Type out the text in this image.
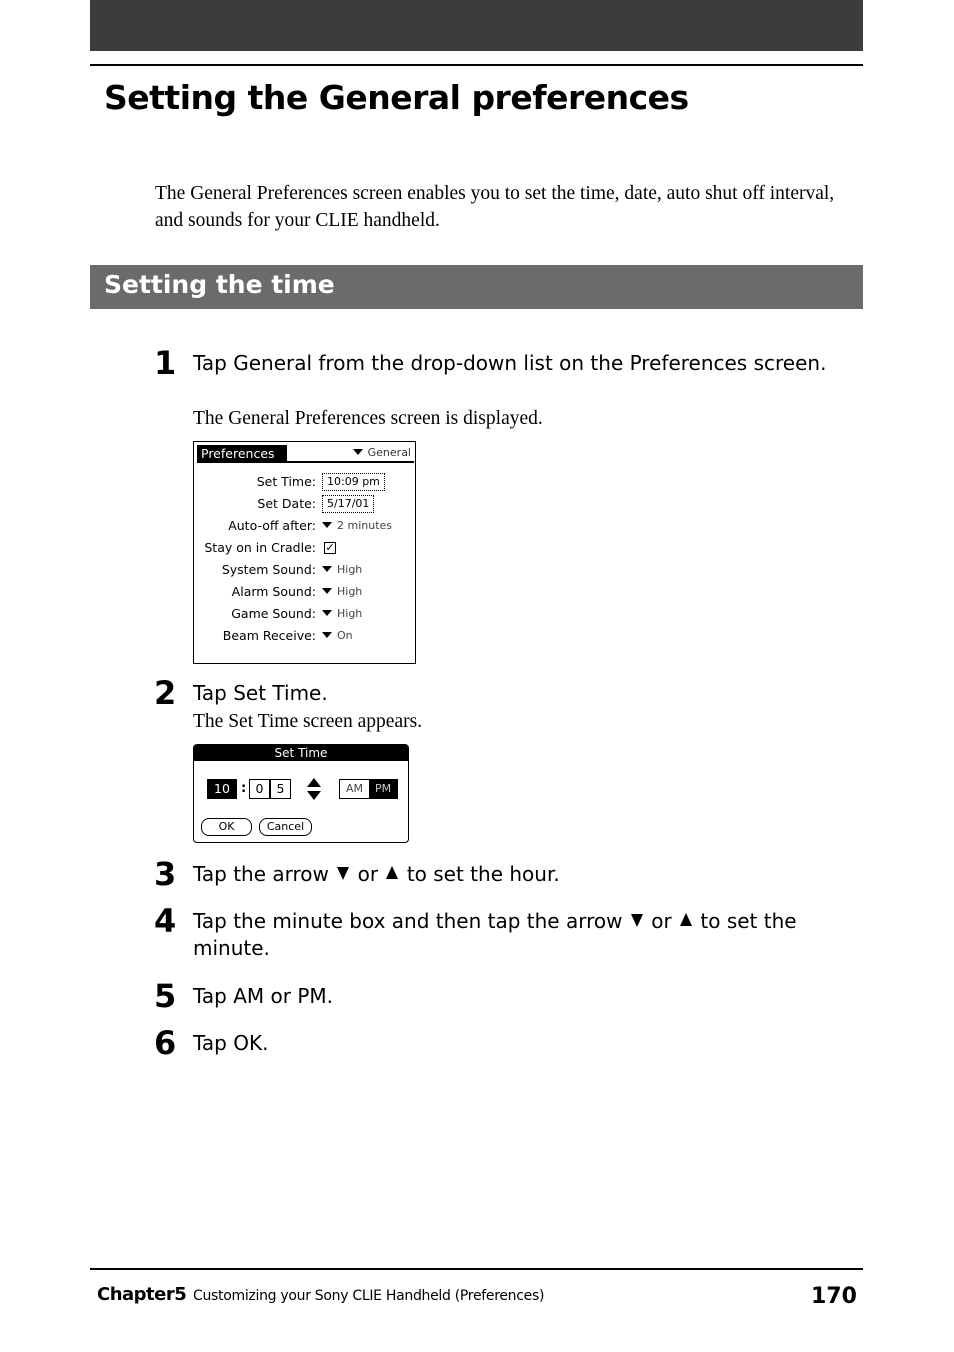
Setting the General preferences
The General Preferences screen enables you to set the time, date, auto shut off interval, and sounds for your CLIE handheld.
Setting the time
1 Tap General from the drop-down list on the Preferences screen.
The General Preferences screen is displayed.
Preferences	General
Set Time:	10:09 pm
Set Date:	5/17/01
Auto-off after:	2 minutes
Stay on in Cradle: ✓
System Sound:	High
Alarm Sound:	High
Game Sound:	High
Beam Receive:	On
2 Tap Set Time.
The Set Time screen appears.
Set Time
10 : 0	5	AM	PM
OK	Cancel
3 Tap the arrow or to set the hour.
4 Tap the minute box and then tap the arrow or to set the minute.
5 Tap AM or PM.
6 Tap OK.
Chapter5 Customizing your Sony CLIE Handheld (Preferences)	170
